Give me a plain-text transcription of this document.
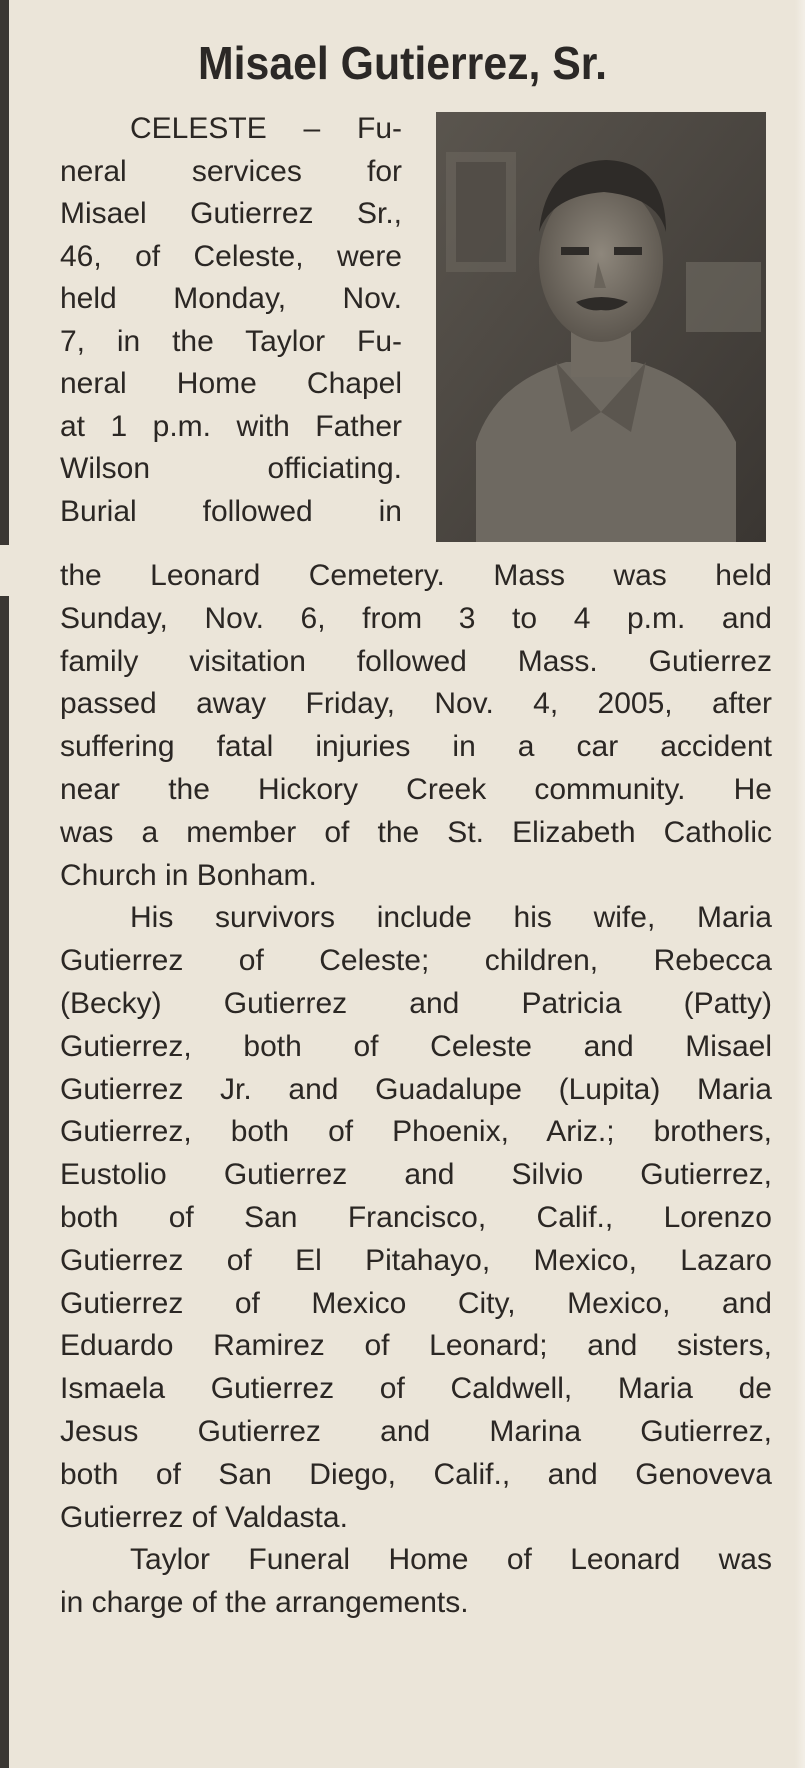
Misael Gutierrez, Sr.
CELESTE – Fu-
neral services for
Misael Gutierrez Sr.,
46, of Celeste, were
held Monday, Nov.
7, in the Taylor Fu-
neral Home Chapel
at 1 p.m. with Father
Wilson officiating.
Burial followed in
the Leonard Cemetery. Mass was held
Sunday, Nov. 6, from 3 to 4 p.m. and
family visitation followed Mass. Gutierrez
passed away Friday, Nov. 4, 2005, after
suffering fatal injuries in a car accident
near the Hickory Creek community. He
was a member of the St. Elizabeth Catholic
Church in Bonham.
His survivors include his wife, Maria
Gutierrez of Celeste; children, Rebecca
(Becky) Gutierrez and Patricia (Patty)
Gutierrez, both of Celeste and Misael
Gutierrez Jr. and Guadalupe (Lupita) Maria
Gutierrez, both of Phoenix, Ariz.; brothers,
Eustolio Gutierrez and Silvio Gutierrez,
both of San Francisco, Calif., Lorenzo
Gutierrez of El Pitahayo, Mexico, Lazaro
Gutierrez of Mexico City, Mexico, and
Eduardo Ramirez of Leonard; and sisters,
Ismaela Gutierrez of Caldwell, Maria de
Jesus Gutierrez and Marina Gutierrez,
both of San Diego, Calif., and Genoveva
Gutierrez of Valdasta.
Taylor Funeral Home of Leonard was
in charge of the arrangements.
